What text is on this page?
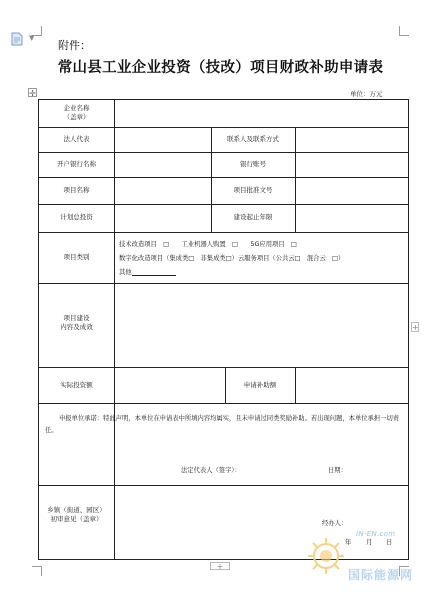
▼
附件：
常山县工业企业投资（技改）项目财政补助申请表
✛	单位：万元
企业名称
（盖章）
法人代表
开户银行名称
项目名称
计划总投资
项目类别
项目建设
内容及成效
实际投资额
乡镇（街道、园区）
初审意见（盖章）
联系人及联系方式
银行账号
项目批准文号
建设起止年限
申请补助额
技术改造项目　□　　工业机器人购置　□　　5G应用项目　□
数字化改造项目（集成类□　非集成类□）云服务项目（公共云□　混合云　□）
其他
申报单位承诺：特此声明，本单位在申请表中所填内容均属实，且未申请过同类奖励补助。若出现问题，本单位承担一切责任。
法定代表人（签字）：	日期：
经办人：
年 月 日
+
+
IN-EN.com
国际能源网
